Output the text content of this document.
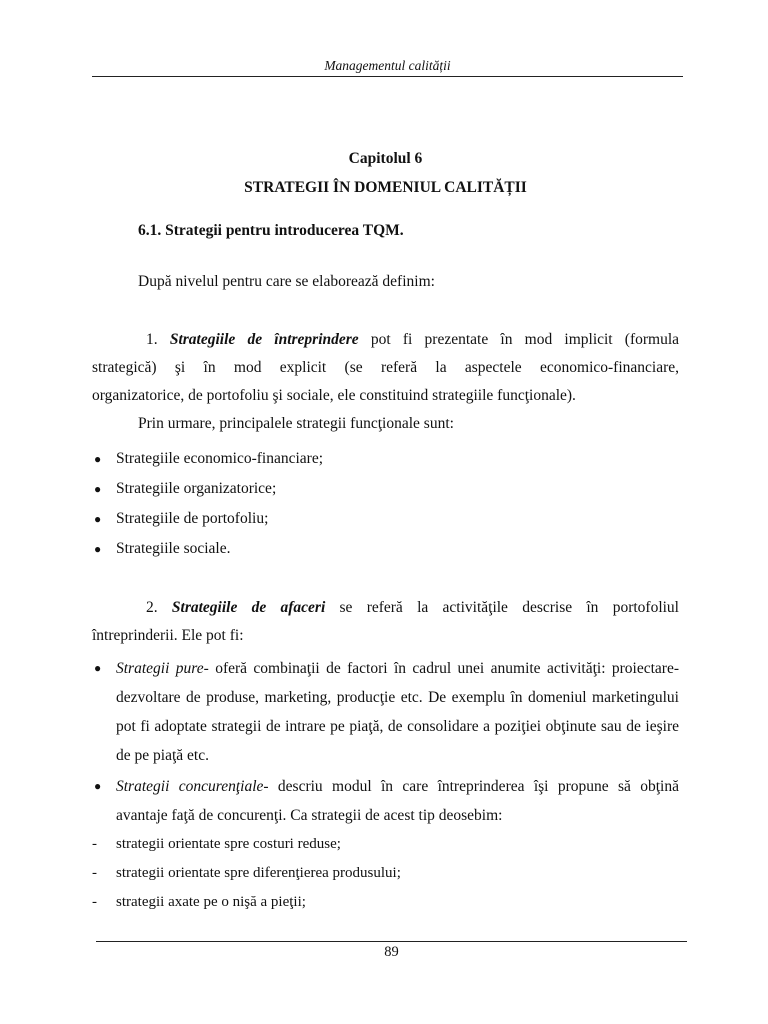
Managementul calității
Capitolul 6
STRATEGII ÎN DOMENIUL CALITĂȚII
6.1. Strategii pentru introducerea TQM.
După nivelul pentru care se elaborează definim:
1. Strategiile de întreprindere pot fi prezentate în mod implicit (formula
strategică) şi în mod explicit (se referă la aspectele economico-financiare,
organizatorice, de portofoliu şi sociale, ele constituind strategiile funcţionale).
Prin urmare, principalele strategii funcţionale sunt:
● Strategiile economico-financiare;
● Strategiile organizatorice;
● Strategiile de portofoliu;
● Strategiile sociale.
2. Strategiile de afaceri se referă la activităţile descrise în portofoliul
întreprinderii. Ele pot fi:
● Strategii pure- oferă combinaţii de factori în cadrul unei anumite activităţi: proiectare-dezvoltare de produse, marketing, producţie etc. De exemplu în domeniul marketingului pot fi adoptate strategii de intrare pe piaţă, de consolidare a poziţiei obţinute sau de ieşire de pe piaţă etc.
● Strategii concurenţiale- descriu modul în care întreprinderea îşi propune să obţină avantaje faţă de concurenţi. Ca strategii de acest tip deosebim:
- strategii orientate spre costuri reduse;
- strategii orientate spre diferenţierea produsului;
- strategii axate pe o nişă a pieţii;
89
